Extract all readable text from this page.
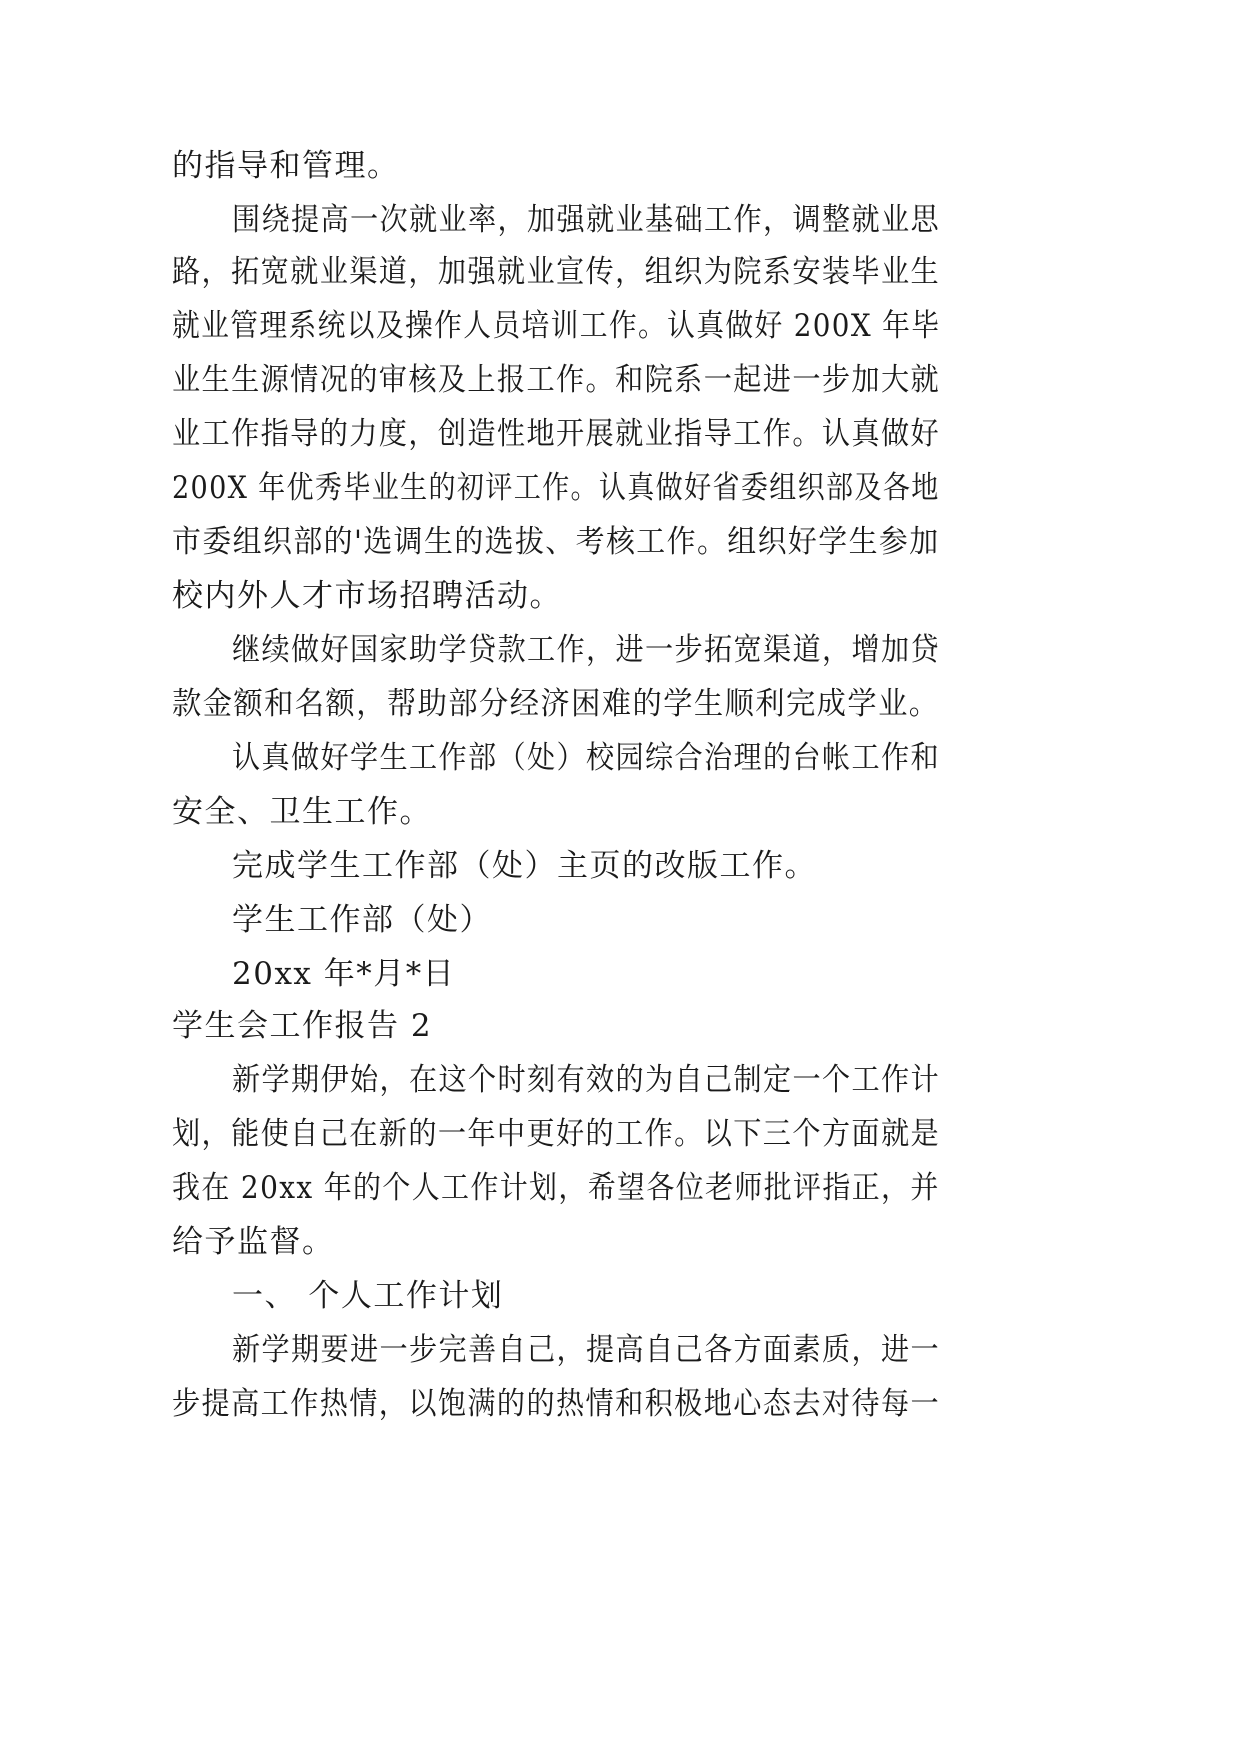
的指导和管理。
围绕提高一次就业率，加强就业基础工作，调整就业思
路，拓宽就业渠道，加强就业宣传，组织为院系安装毕业生
就业管理系统以及操作人员培训工作。认真做好 200X 年毕
业生生源情况的审核及上报工作。和院系一起进一步加大就
业工作指导的力度，创造性地开展就业指导工作。认真做好
200X 年优秀毕业生的初评工作。认真做好省委组织部及各地
市委组织部的'选调生的选拔、考核工作。组织好学生参加
校内外人才市场招聘活动。
继续做好国家助学贷款工作，进一步拓宽渠道，增加贷
款金额和名额，帮助部分经济困难的学生顺利完成学业。
认真做好学生工作部（处）校园综合治理的台帐工作和
安全、卫生工作。
完成学生工作部（处）主页的改版工作。
学生工作部（处）
20xx 年*月*日
学生会工作报告 2
新学期伊始，在这个时刻有效的为自己制定一个工作计
划，能使自己在新的一年中更好的工作。以下三个方面就是
我在 20xx 年的个人工作计划，希望各位老师批评指正，并
给予监督。
一、 个人工作计划
新学期要进一步完善自己，提高自己各方面素质，进一
步提高工作热情，以饱满的的热情和积极地心态去对待每一
